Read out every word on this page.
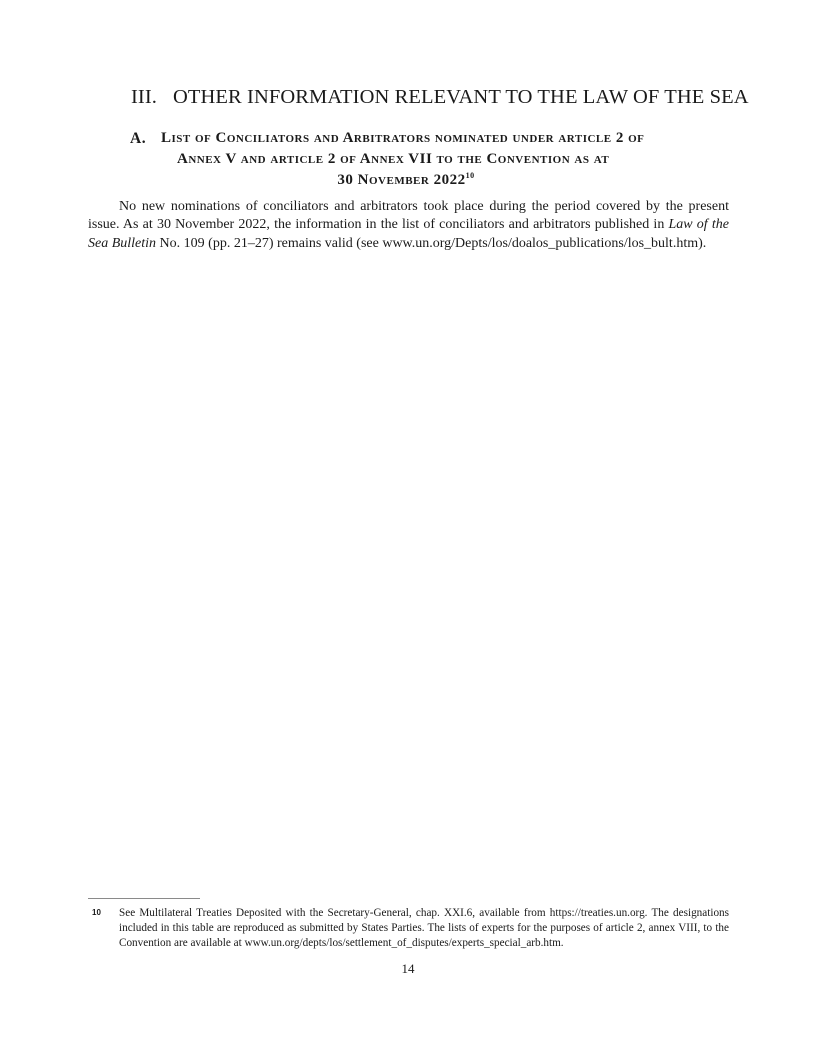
III. OTHER INFORMATION RELEVANT TO THE LAW OF THE SEA
A. List of Conciliators and Arbitrators nominated under article 2 of
Annex V and article 2 of Annex VII to the Convention as at
30 November 2022$^{10}$

No new nominations of conciliators and arbitrators took place during the period covered by the present issue. As at 30 November 2022, the information in the list of conciliators and arbitrators published in Law of the Sea Bulletin No. 109 (pp. 21–27) remains valid (see www.un.org/Depts/los/doalos_publications/los_bult.htm).

10 See Multilateral Treaties Deposited with the Secretary-General, chap. XXI.6, available from https://treaties.un.org. The designations included in this table are reproduced as submitted by States Parties. The lists of experts for the purposes of article 2, annex VIII, to the Convention are available at www.un.org/depts/los/settlement_of_disputes/experts_special_arb.htm.

14
